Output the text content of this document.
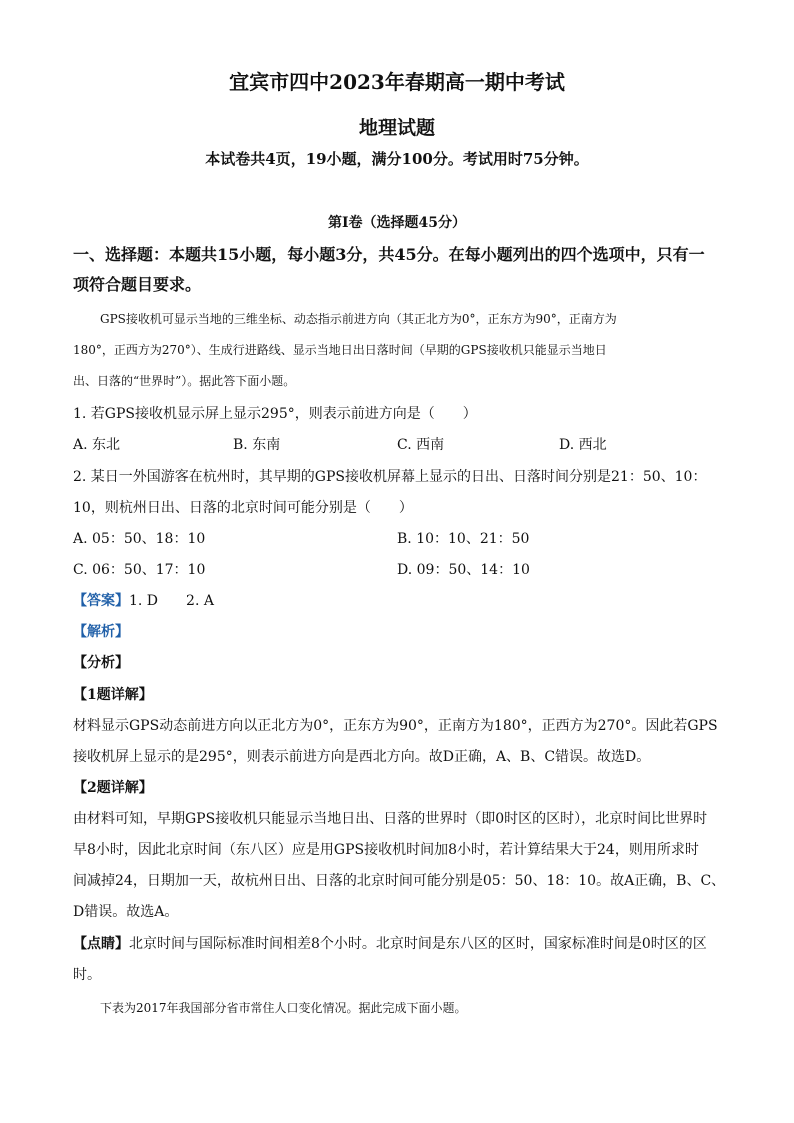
宜宾市四中2023年春期高一期中考试
地理试题
本试卷共4页，19小题，满分100分。考试用时75分钟。
第I卷（选择题45分）
一、选择题：本题共15小题，每小题3分，共45分。在每小题列出的四个选项中，只有一
项符合题目要求。
GPS接收机可显示当地的三维坐标、动态指示前进方向（其正北方为0°，正东方为90°，正南方为
180°，正西方为270°）、生成行进路线、显示当地日出日落时间（早期的GPS接收机只能显示当地日
出、日落的“世界时”）。据此答下面小题。
1. 若GPS接收机显示屏上显示295°，则表示前进方向是（　　）
A. 东北	B. 东南	C. 西南	D. 西北
2. 某日一外国游客在杭州时，其早期的GPS接收机屏幕上显示的日出、日落时间分别是21：50、10：
10，则杭州日出、日落的北京时间可能分别是（　　）
A. 05：50、18：10	B. 10：10、21：50
C. 06：50、17：10	D. 09：50、14：10
【答案】1. D　　2. A
【解析】
【分析】
【1题详解】
材料显示GPS动态前进方向以正北方为0°，正东方为90°，正南方为180°，正西方为270°。因此若GPS
接收机屏上显示的是295°，则表示前进方向是西北方向。故D正确，A、B、C错误。故选D。
【2题详解】
由材料可知，早期GPS接收机只能显示当地日出、日落的世界时（即0时区的区时），北京时间比世界时
早8小时，因此北京时间（东八区）应是用GPS接收机时间加8小时，若计算结果大于24，则用所求时
间减掉24，日期加一天，故杭州日出、日落的北京时间可能分别是05：50、18：10。故A正确，B、C、
D错误。故选A。
【点睛】北京时间与国际标准时间相差8个小时。北京时间是东八区的区时，国家标准时间是0时区的区
时。
下表为2017年我国部分省市常住人口变化情况。据此完成下面小题。
